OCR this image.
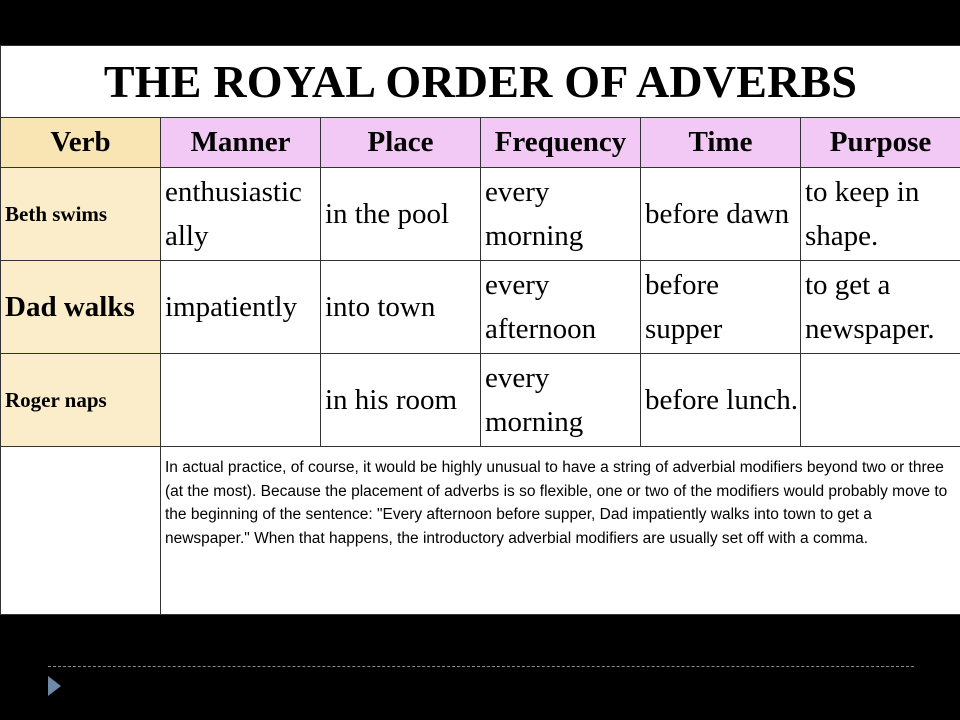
THE ROYAL ORDER OF ADVERBS					
Verb	Manner	Place	Frequency	Time	Purpose
Beth swims	enthusiastic ally	in the pool	every morning	before dawn	to keep in shape.
Dad walks	impatiently	into town	every afternoon	before supper	to get a newspaper.
Roger naps		in his room	every morning	before lunch.	
	In actual practice, of course, it would be highly unusual to have a string of adverbial modifiers beyond two or three (at the most). Because the placement of adverbs is so flexible, one or two of the modifiers would probably move to the beginning of the sentence: "Every afternoon before supper, Dad impatiently walks into town to get a newspaper." When that happens, the introductory adverbial modifiers are usually set off with a comma.				
